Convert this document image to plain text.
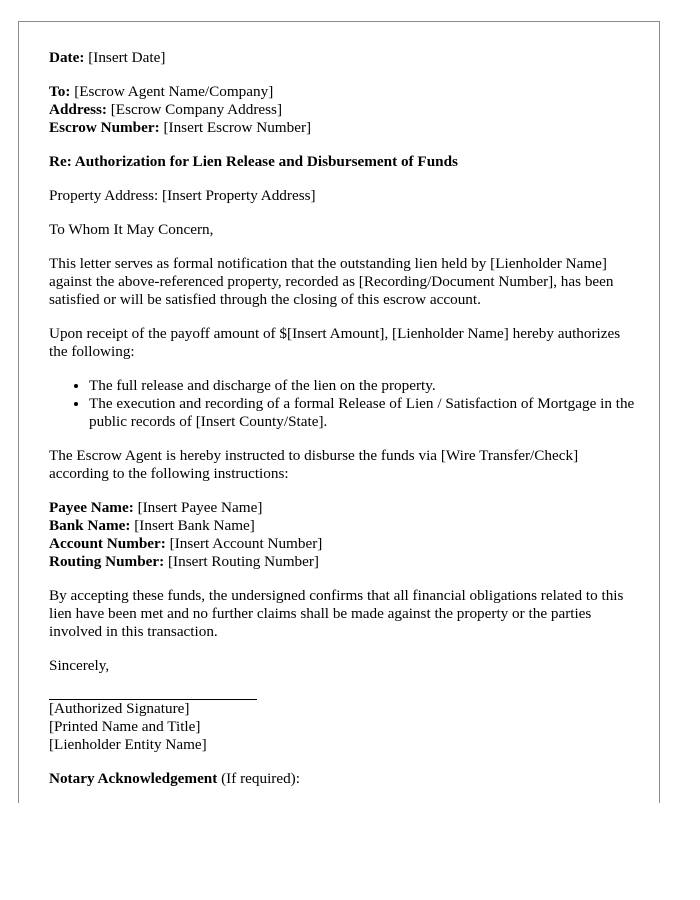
Date: [Insert Date]

To: [Escrow Agent Name/Company]
Address: [Escrow Company Address]
Escrow Number: [Insert Escrow Number]

Re: Authorization for Lien Release and Disbursement of Funds

Property Address: [Insert Property Address]

To Whom It May Concern,

This letter serves as formal notification that the outstanding lien held by [Lienholder Name] against the above-referenced property, recorded as [Recording/Document Number], has been satisfied or will be satisfied through the closing of this escrow account.

Upon receipt of the payoff amount of $[Insert Amount], [Lienholder Name] hereby authorizes the following:

• The full release and discharge of the lien on the property.
• The execution and recording of a formal Release of Lien / Satisfaction of Mortgage in the public records of [Insert County/State].

The Escrow Agent is hereby instructed to disburse the funds via [Wire Transfer/Check] according to the following instructions:

Payee Name: [Insert Payee Name]
Bank Name: [Insert Bank Name]
Account Number: [Insert Account Number]
Routing Number: [Insert Routing Number]

By accepting these funds, the undersigned confirms that all financial obligations related to this lien have been met and no further claims shall be made against the property or the parties involved in this transaction.

Sincerely,

[Authorized Signature]
[Printed Name and Title]
[Lienholder Entity Name]

Notary Acknowledgement (If required):
